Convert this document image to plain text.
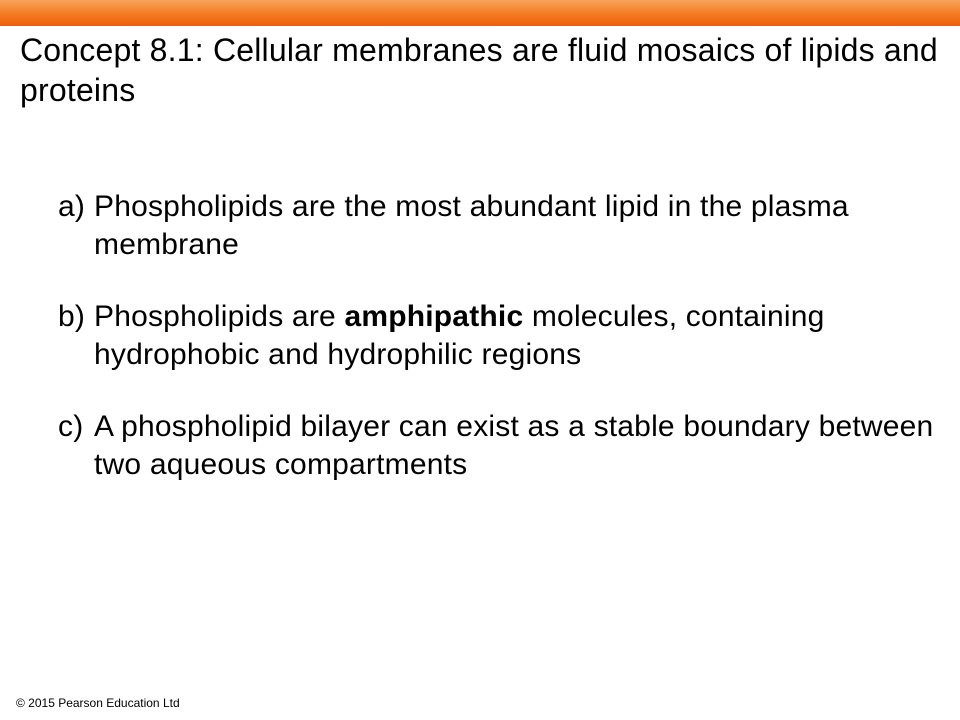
Concept 8.1: Cellular membranes are fluid mosaics of lipids and proteins
a) Phospholipids are the most abundant lipid in the plasma membrane
b) Phospholipids are amphipathic molecules, containing hydrophobic and hydrophilic regions
c) A phospholipid bilayer can exist as a stable boundary between two aqueous compartments
© 2015 Pearson Education Ltd
